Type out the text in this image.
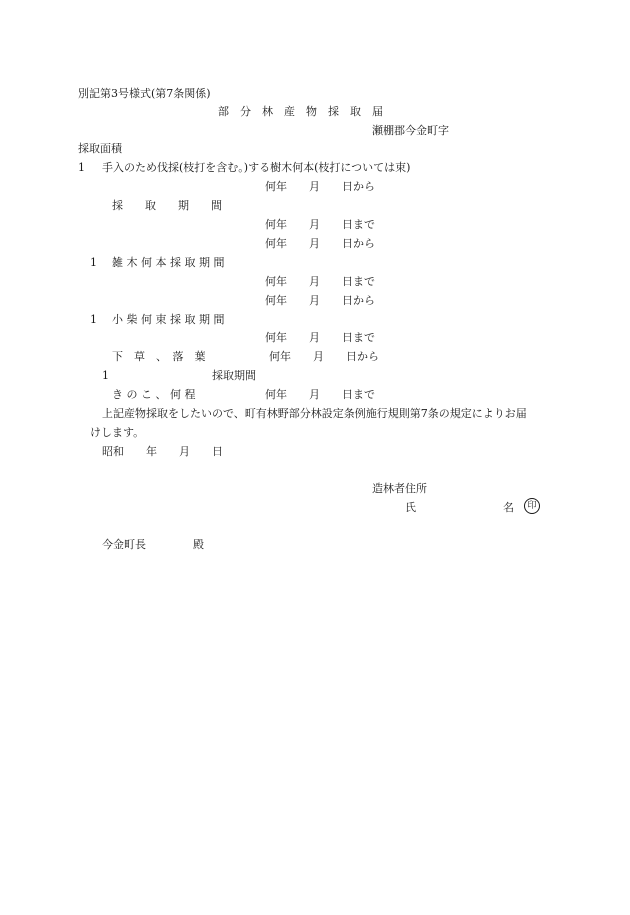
別記第3号様式(第7条関係)
部　分　林　産　物　採　取　届
瀬棚郡今金町字
採取面積
1 手入のため伐採(枝打を含む。)する樹木何本(枝打については束)
何年　　月　　日から
採　　取　　期　　間
何年　　月　　日まで
何年　　月　　日から
1 雑 木 何 本 採 取 期 間
何年　　月　　日まで
何年　　月　　日から
1 小 柴 何 束 採 取 期 間
何年　　月　　日まで
下　草　、　落　葉	何年　　月　　日から
1	採取期間
き の こ 、 何 程	何年　　月　　日まで
上記産物採取をしたいので、町有林野部分林設定条例施行規則第7条の規定によりお届
けします。
昭和　　年　　月　　日
造林者住所
氏	名	印
今金町長	殿
